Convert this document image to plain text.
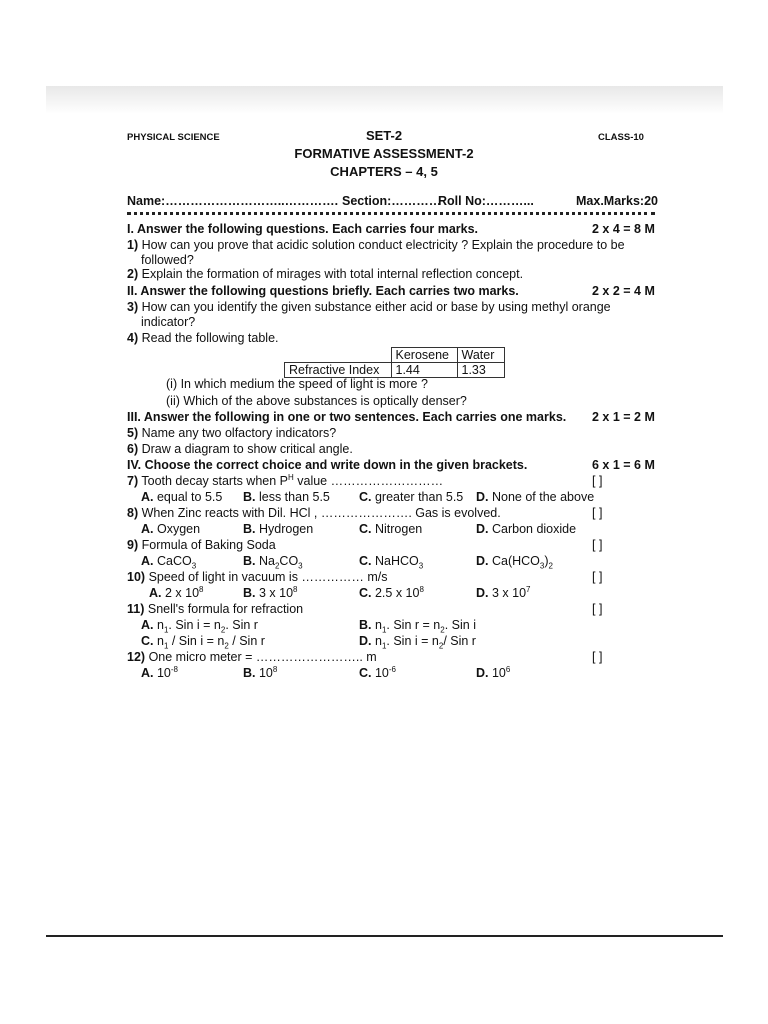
PHYSICAL SCIENCE	CLASS-10
SET-2
FORMATIVE ASSESSMENT-2
CHAPTERS – 4, 5
Name:………………………..…………. Section:…………
Roll No:………...	Max.Marks:20
I. Answer the following questions. Each carries four marks.	2 x 4 = 8 M
1) How can you prove that acidic solution conduct electricity ? Explain the procedure to be
followed?
2) Explain the formation of mirages with total internal reflection concept.
II. Answer the following questions briefly. Each carries two marks.	2 x 2 = 4 M
3) How can you identify the given substance either acid or base by using methyl orange
indicator?
4) Read the following table.
	Kerosene	Water
Refractive Index	1.44	1.33
(i) In which medium the speed of light is more ?
(ii) Which of the above substances is optically denser?
III. Answer the following in one or two sentences. Each carries one marks. 2 x 1 = 2 M
5) Name any two olfactory indicators?
6) Draw a diagram to show critical angle.
IV. Choose the correct choice and write down in the given brackets.	6 x 1 = 6 M
7) Tooth decay starts when $P^H$ value ………………………	[ ]
A. equal to 5.5 B. less than 5.5 C. greater than 5.5 D. None of the above
8) When Zinc reacts with Dil. HCl , …………………. Gas is evolved.	[ ]
A. Oxygen	B. Hydrogen	C. Nitrogen	D. Carbon dioxide
9) Formula of Baking Soda	[ ]
A. CaCO$_3$	B. $Na_2CO_3$	C. NaHCO$_3$	D. $Ca(HCO_3)_2$
10) Speed of light in vacuum is …………… m/s	[ ]
A. 2 x $10^8$	B. 3 x $10^8$	C. 2.5 x $10^8$	D. 3 x $10^7$
11) Snell's formula for refraction	[ ]
A. $n_1$. Sin $i = n_2$. Sin r	B. $n_1$. Sin $r = n_2$. Sin i
C. $n_1$ / Sin $i = n_2$ / Sin r	D. $n_1$. Sin $i = n_2/$ Sin r
12) One micro meter = …………………….. m	[ ]
A. $10^{-8}$	B. $10^8$	C. $10^{-6}$	D. $10^6$
